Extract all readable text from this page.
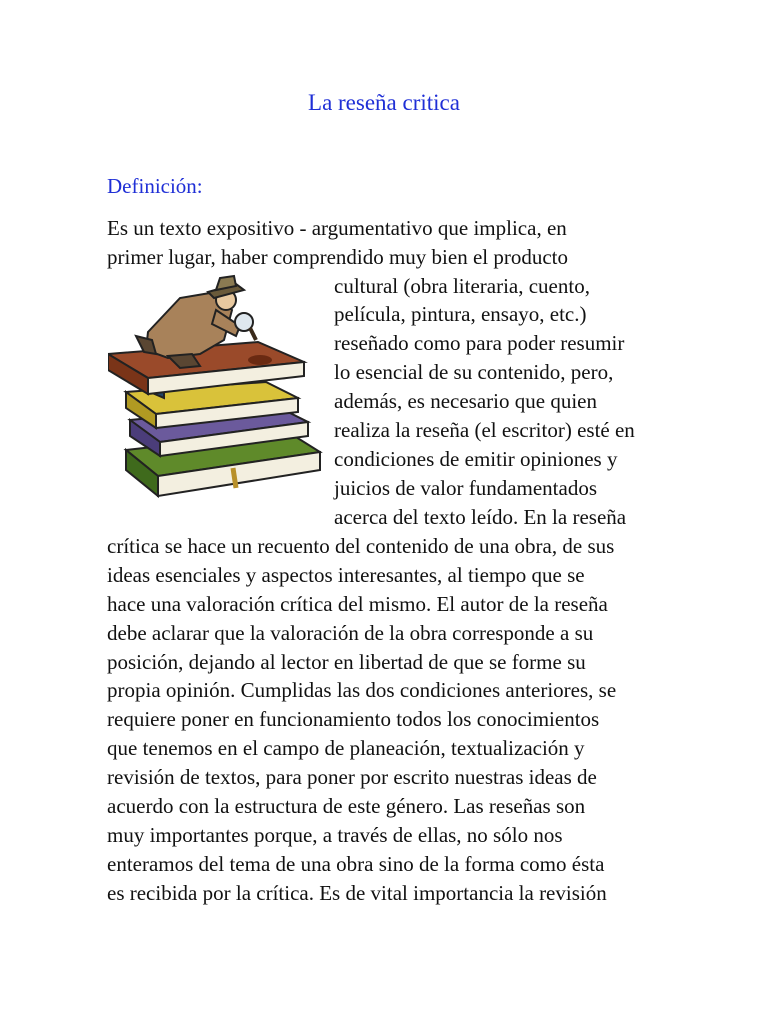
La reseña critica
Definición:

Es un texto expositivo - argumentativo que implica, en

primer lugar, haber comprendido muy bien el producto

cultural (obra literaria, cuento,

película, pintura, ensayo, etc.)

reseñado como para poder resumir

lo esencial de su contenido, pero,

además, es necesario que quien

realiza la reseña (el escritor) esté en

condiciones de emitir opiniones y

juicios de valor fundamentados

acerca del texto leído. En la reseña

crítica se hace un recuento del contenido de una obra, de sus

ideas esenciales y aspectos interesantes, al tiempo que se

hace una valoración crítica del mismo. El autor de la reseña

debe aclarar que la valoración de la obra corresponde a su

posición, dejando al lector en libertad de que se forme su

propia opinión. Cumplidas las dos condiciones anteriores, se

requiere poner en funcionamiento todos los conocimientos

que tenemos en el campo de planeación, textualización y

revisión de textos, para poner por escrito nuestras ideas de

acuerdo con la estructura de este género. Las reseñas son

muy importantes porque, a través de ellas, no sólo nos

enteramos del tema de una obra sino de la forma como ésta

es recibida por la crítica. Es de vital importancia la revisión
